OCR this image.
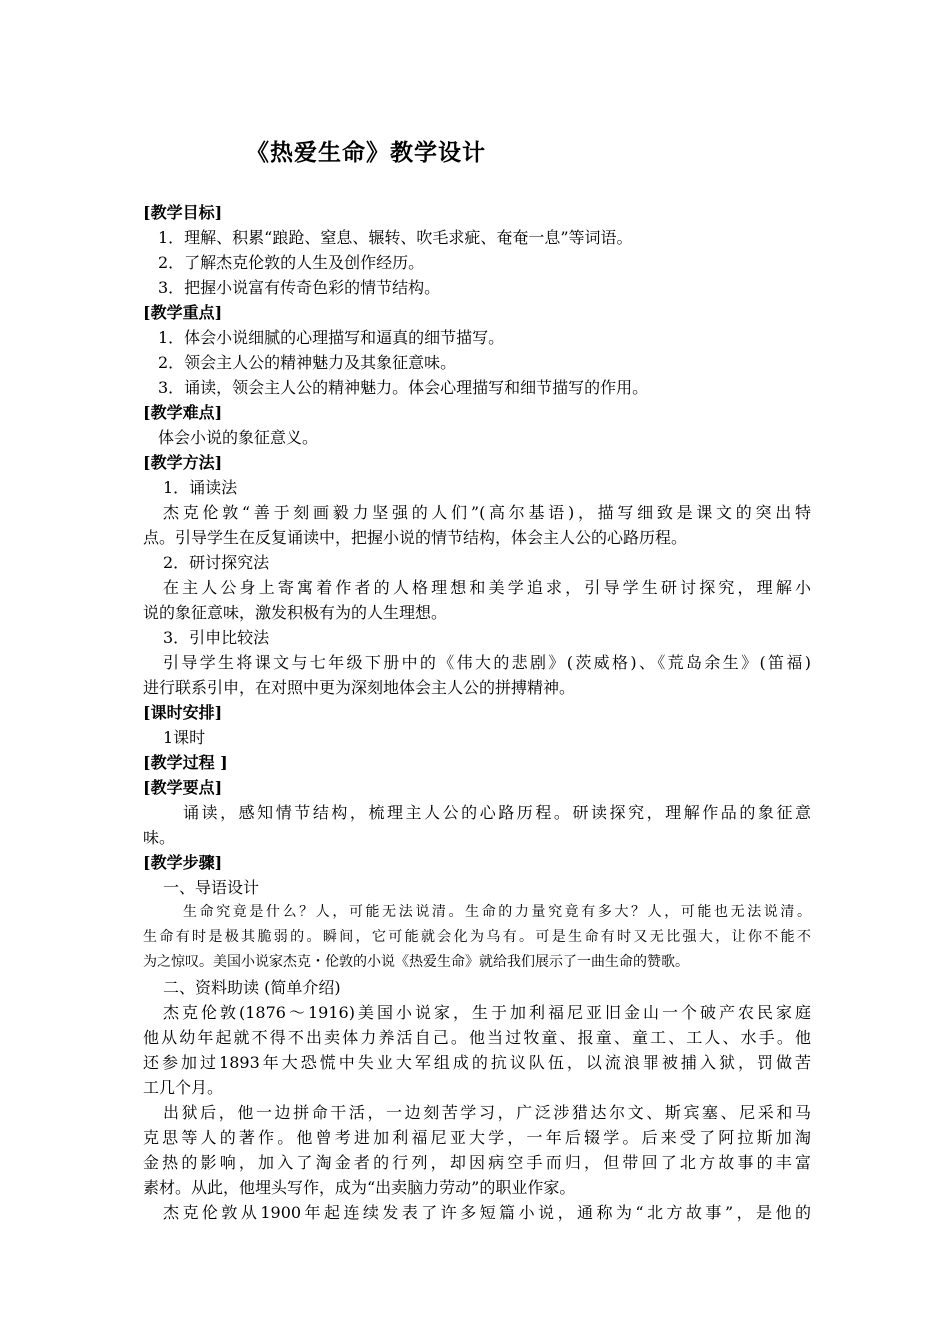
《热爱生命》教学设计
[教学目标]
1．理解、积累“踉跄、窒息、辗转、吹毛求疵、奄奄一息”等词语。
2．了解杰克伦敦的人生及创作经历。
3．把握小说富有传奇色彩的情节结构。
[教学重点]
1．体会小说细腻的心理描写和逼真的细节描写。
2．领会主人公的精神魅力及其象征意味。
3．诵读，领会主人公的精神魅力。体会心理描写和细节描写的作用。
[教学难点]
体会小说的象征意义。
[教学方法]
1．诵读法
杰克伦敦“善于刻画毅力坚强的人们”(高尔基语)，描写细致是课文的突出特
点。引导学生在反复诵读中，把握小说的情节结构，体会主人公的心路历程。
2．研讨探究法
在主人公身上寄寓着作者的人格理想和美学追求，引导学生研讨探究，理解小
说的象征意味，激发积极有为的人生理想。
3．引申比较法
引导学生将课文与七年级下册中的《伟大的悲剧》(茨威格)、《荒岛余生》(笛福)
进行联系引申，在对照中更为深刻地体会主人公的拼搏精神。
[课时安排]
1课时
[教学过程 ]
[教学要点]
诵读，感知情节结构，梳理主人公的心路历程。研读探究，理解作品的象征意
味。
[教学步骤]
一、导语设计
生命究竟是什么？人，可能无法说清。生命的力量究竟有多大？人，可能也无法说清。
生命有时是极其脆弱的。瞬间，它可能就会化为乌有。可是生命有时又无比强大，让你不能不
为之惊叹。美国小说家杰克・伦敦的小说《热爱生命》就给我们展示了一曲生命的赞歌。
二、资料助读 (简单介绍)
杰克伦敦(1876～1916)美国小说家，生于加利福尼亚旧金山一个破产农民家庭
他从幼年起就不得不出卖体力养活自己。他当过牧童、报童、童工、工人、水手。他
还参加过1893年大恐慌中失业大军组成的抗议队伍，以流浪罪被捕入狱，罚做苦
工几个月。
出狱后，他一边拼命干活，一边刻苦学习，广泛涉猎达尔文、斯宾塞、尼采和马
克思等人的著作。他曾考进加利福尼亚大学，一年后辍学。后来受了阿拉斯加淘
金热的影响，加入了淘金者的行列，却因病空手而归，但带回了北方故事的丰富
素材。从此，他埋头写作，成为“出卖脑力劳动”的职业作家。
杰克伦敦从1900年起连续发表了许多短篇小说，通称为“北方故事”，是他的
